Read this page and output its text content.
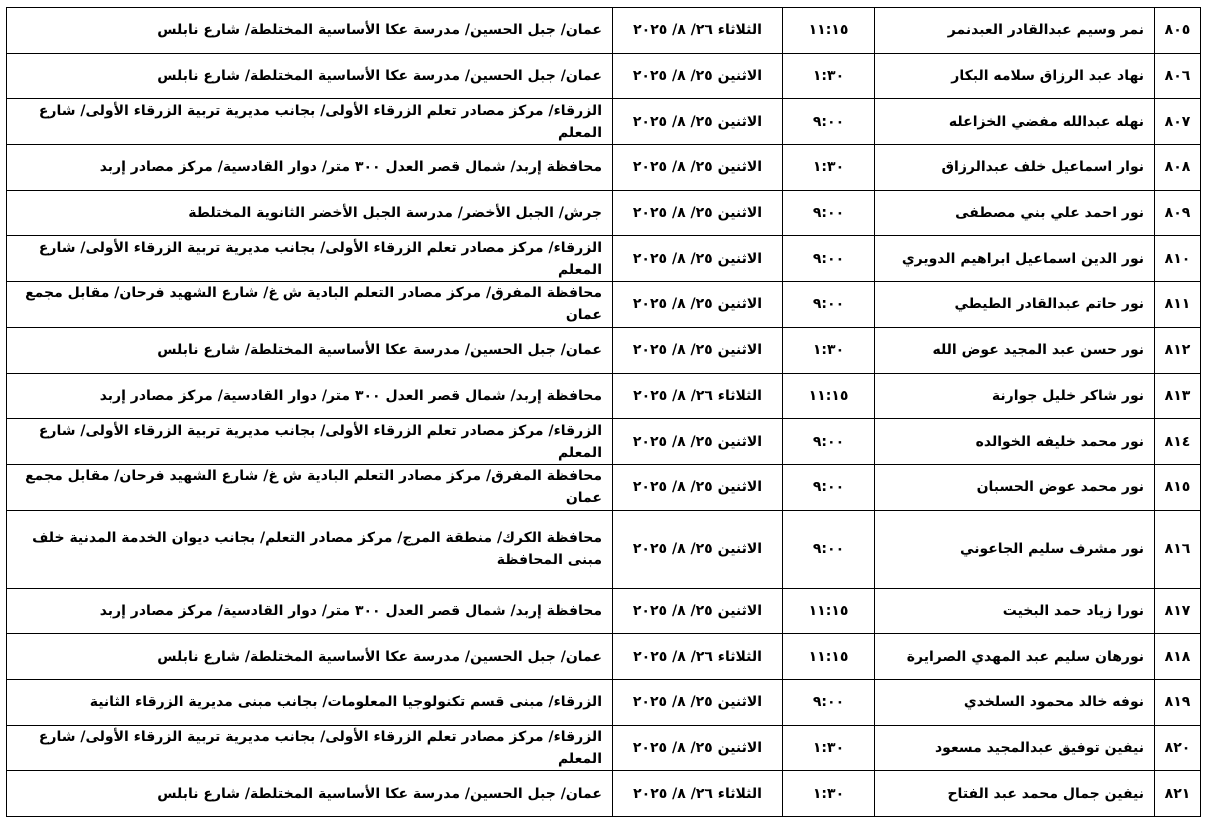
٨٠٥	نمر وسيم عبدالقادر العبدنمر	١١:١٥	الثلاثاء ٢٦/ ٨/ ٢٠٢٥	عمان/ جبل الحسين/ مدرسة عكا الأساسية المختلطة/ شارع نابلس
٨٠٦	نهاد عبد الرزاق سلامه البكار	١:٣٠	الاثنين ٢٥/ ٨/ ٢٠٢٥	عمان/ جبل الحسين/ مدرسة عكا الأساسية المختلطة/ شارع نابلس
٨٠٧	نهله عبدالله مفضي الخزاعله	٩:٠٠	الاثنين ٢٥/ ٨/ ٢٠٢٥	الزرقاء/ مركز مصادر تعلم الزرقاء الأولى/ بجانب مديرية تربية الزرقاء الأولى/ شارع المعلم
٨٠٨	نوار اسماعيل خلف عبدالرزاق	١:٣٠	الاثنين ٢٥/ ٨/ ٢٠٢٥	محافظة إربد/ شمال قصر العدل ٣٠٠ متر/ دوار القادسية/ مركز مصادر إربد
٨٠٩	نور احمد علي بني مصطفى	٩:٠٠	الاثنين ٢٥/ ٨/ ٢٠٢٥	جرش/ الجبل الأخضر/ مدرسة الجبل الأخضر الثانوية المختلطة
٨١٠	نور الدين اسماعيل ابراهيم الدويري	٩:٠٠	الاثنين ٢٥/ ٨/ ٢٠٢٥	الزرقاء/ مركز مصادر تعلم الزرقاء الأولى/ بجانب مديرية تربية الزرقاء الأولى/ شارع المعلم
٨١١	نور حاتم عبدالقادر الطيطي	٩:٠٠	الاثنين ٢٥/ ٨/ ٢٠٢٥	محافظة المفرق/ مركز مصادر التعلم البادية ش غ/ شارع الشهيد فرحان/ مقابل مجمع عمان
٨١٢	نور حسن عبد المجيد عوض الله	١:٣٠	الاثنين ٢٥/ ٨/ ٢٠٢٥	عمان/ جبل الحسين/ مدرسة عكا الأساسية المختلطة/ شارع نابلس
٨١٣	نور شاكر خليل جوارنة	١١:١٥	الثلاثاء ٢٦/ ٨/ ٢٠٢٥	محافظة إربد/ شمال قصر العدل ٣٠٠ متر/ دوار القادسية/ مركز مصادر إربد
٨١٤	نور محمد خليفه الخوالده	٩:٠٠	الاثنين ٢٥/ ٨/ ٢٠٢٥	الزرقاء/ مركز مصادر تعلم الزرقاء الأولى/ بجانب مديرية تربية الزرقاء الأولى/ شارع المعلم
٨١٥	نور محمد عوض الحسبان	٩:٠٠	الاثنين ٢٥/ ٨/ ٢٠٢٥	محافظة المفرق/ مركز مصادر التعلم البادية ش غ/ شارع الشهيد فرحان/ مقابل مجمع عمان
٨١٦	نور مشرف سليم الجاعوني	٩:٠٠	الاثنين ٢٥/ ٨/ ٢٠٢٥	محافظة الكرك/ منطقة المرج/ مركز مصادر التعلم/ بجانب ديوان الخدمة المدنية خلف مبنى المحافظة
٨١٧	نورا زياد حمد البخيت	١١:١٥	الاثنين ٢٥/ ٨/ ٢٠٢٥	محافظة إربد/ شمال قصر العدل ٣٠٠ متر/ دوار القادسية/ مركز مصادر إربد
٨١٨	نورهان سليم عبد المهدي الصرايرة	١١:١٥	الثلاثاء ٢٦/ ٨/ ٢٠٢٥	عمان/ جبل الحسين/ مدرسة عكا الأساسية المختلطة/ شارع نابلس
٨١٩	نوفه خالد محمود السلخدي	٩:٠٠	الاثنين ٢٥/ ٨/ ٢٠٢٥	الزرقاء/ مبنى قسم تكنولوجيا المعلومات/ بجانب مبنى مديرية الزرقاء الثانية
٨٢٠	نيفين توفيق عبدالمجيد مسعود	١:٣٠	الاثنين ٢٥/ ٨/ ٢٠٢٥	الزرقاء/ مركز مصادر تعلم الزرقاء الأولى/ بجانب مديرية تربية الزرقاء الأولى/ شارع المعلم
٨٢١	نيفين جمال محمد عبد الفتاح	١:٣٠	الثلاثاء ٢٦/ ٨/ ٢٠٢٥	عمان/ جبل الحسين/ مدرسة عكا الأساسية المختلطة/ شارع نابلس
